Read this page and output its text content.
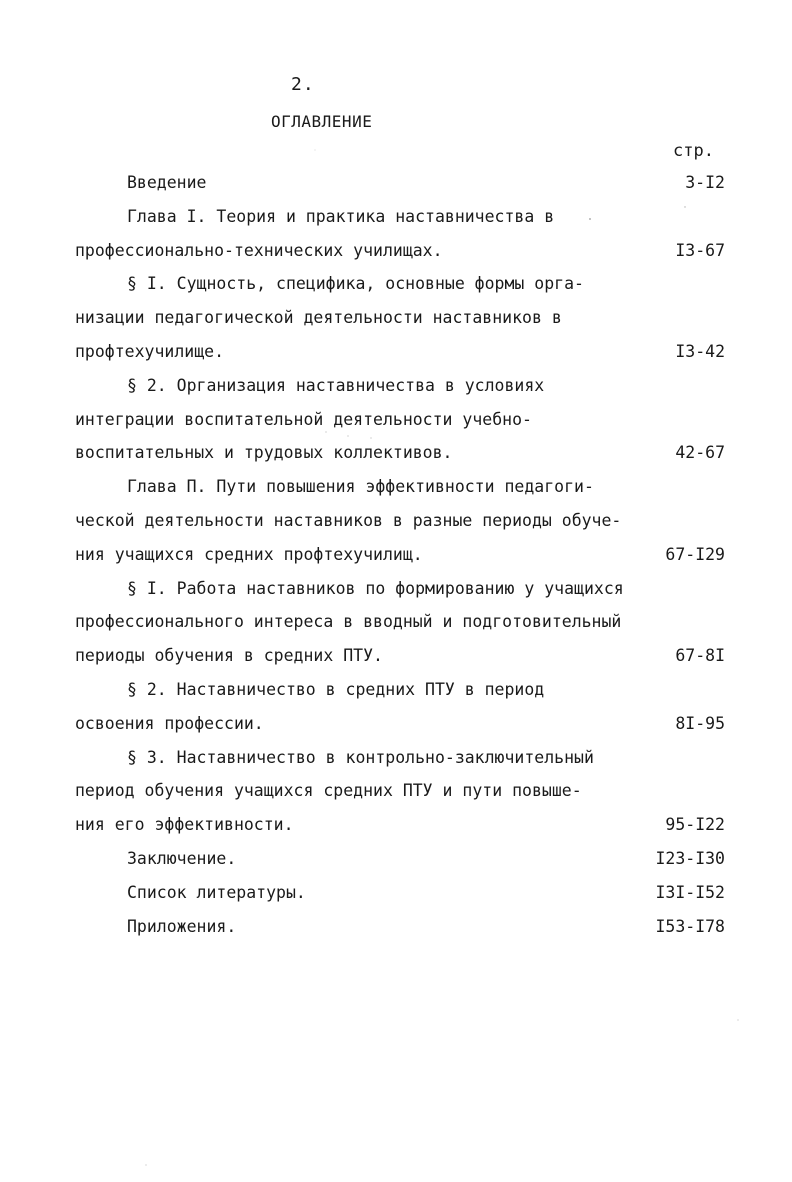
2.
ОГЛАВЛЕНИЕ
стр.
Введение	3-I2
Глава I. Теория и практика наставничества в
профессионально-технических училищах.	I3-67
§ I. Сущность, специфика, основные формы орга-
низации педагогической деятельности наставников в
профтехучилище.	I3-42
§ 2. Организация наставничества в условиях
интеграции воспитательной деятельности учебно-
воспитательных и трудовых коллективов.	42-67
Глава П. Пути повышения эффективности педагоги-
ческой деятельности наставников в разные периоды обуче-
ния учащихся средних профтехучилищ.	67-I29
§ I. Работа наставников по формированию у учащихся
профессионального интереса в вводный и подготовительный
периоды обучения в средних ПТУ.	67-8I
§ 2. Наставничество в средних ПТУ в период
освоения профессии.	8I-95
§ 3. Наставничество в контрольно-заключительный
период обучения учащихся средних ПТУ и пути повыше-
ния его эффективности.	95-I22
Заключение.	I23-I30
Список литературы.	I3I-I52
Приложения.	I53-I78
